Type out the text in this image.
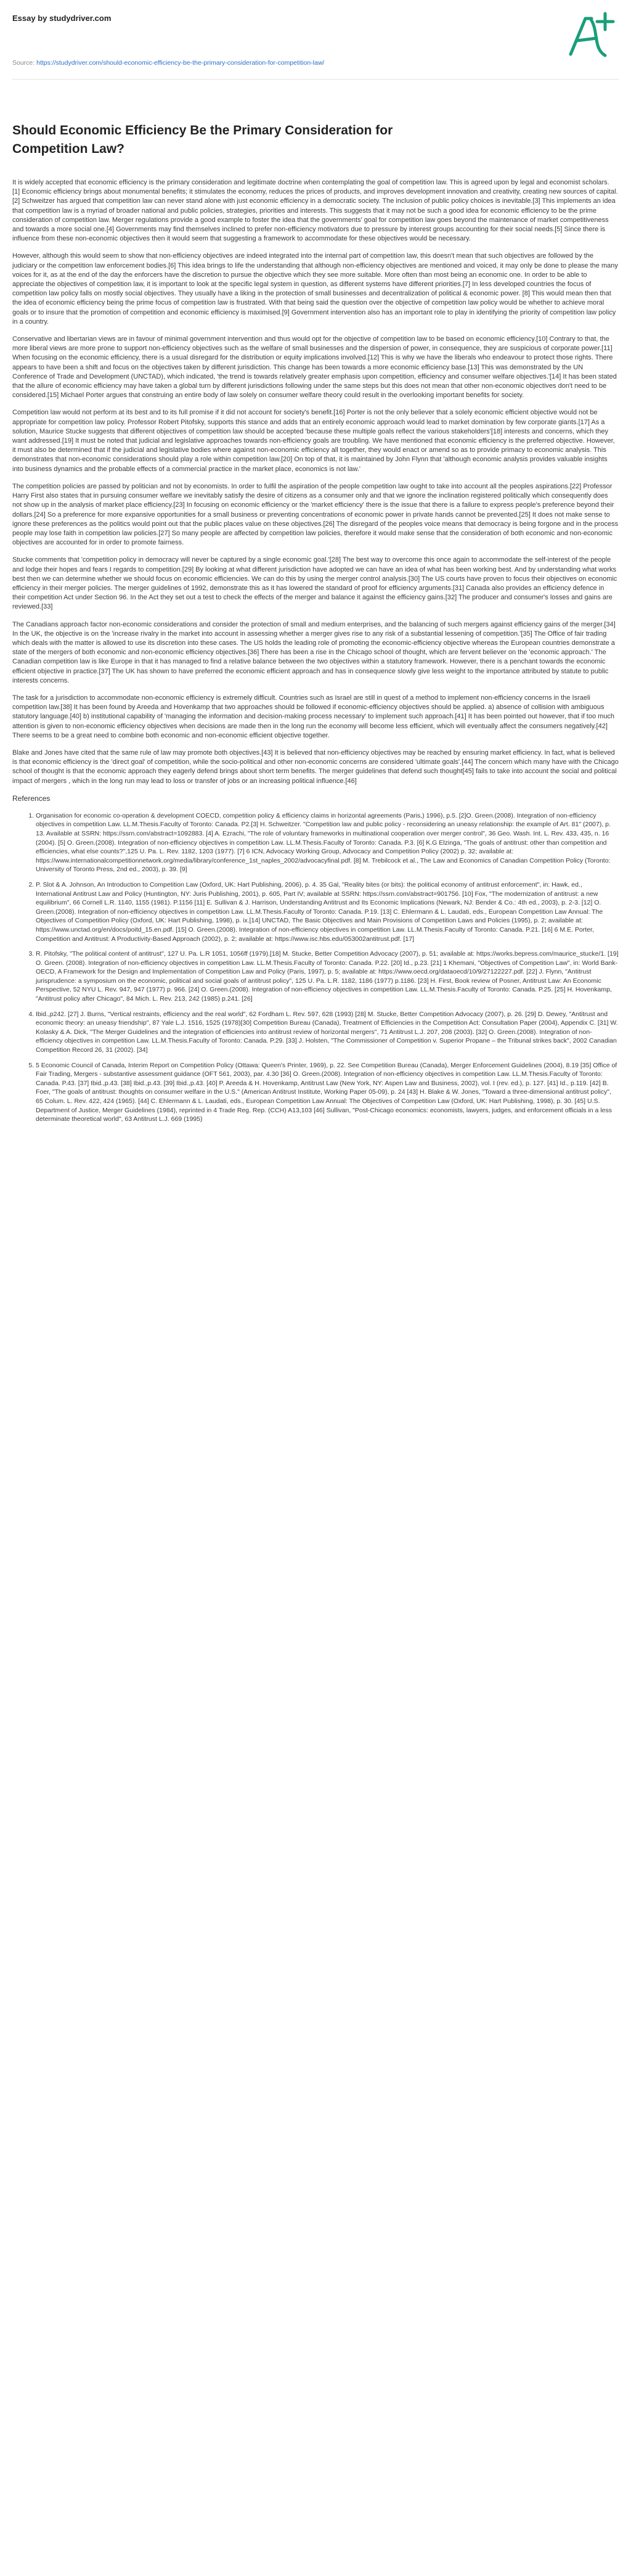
Essay by studydriver.com
Source: https://studydriver.com/should-economic-efficiency-be-the-primary-consideration-for-competition-law/
Should Economic Efficiency Be the Primary Consideration for Competition Law?

It is widely accepted that economic efficiency is the primary consideration and legitimate doctrine when contemplating the goal of competition law. This is agreed upon by legal and economist scholars. [1] Economic efficiency brings about monumental benefits; it stimulates the economy, reduces the prices of products, and improves development innovation and creativity, creating new sources of capital.[2] Schweitzer has argued that competition law can never stand alone with just economic efficiency in a democratic society. The inclusion of public policy choices is inevitable.[3] This implements an idea that competition law is a myriad of broader national and public policies, strategies, priorities and interests. This suggests that it may not be such a good idea for economic efficiency to be the prime consideration of competition law. Merger regulations provide a good example to foster the idea that the governments' goal for competition law goes beyond the maintenance of market competitiveness and towards a more social one.[4] Governments may find themselves inclined to prefer non-efficiency motivators due to pressure by interest groups accounting for their social needs.[5] Since there is influence from these non-economic objectives then it would seem that suggesting a framework to accommodate for these objectives would be necessary.

However, although this would seem to show that non-efficiency objectives are indeed integrated into the internal part of competition law, this doesn't mean that such objectives are followed by the judiciary or the competition law enforcement bodies.[6] This idea brings to life the understanding that although non-efficiency objectives are mentioned and voiced, it may only be done to please the many voices for it, as at the end of the day the enforcers have the discretion to pursue the objective which they see more suitable. More often than most being an economic one. In order to be able to appreciate the objectives of competition law, it is important to look at the specific legal system in question, as different systems have different priorities.[7] In less developed countries the focus of competition law policy falls on mostly social objectives. They usually have a liking in the protection of small businesses and decentralization of political & economic power. [8] This would mean then that the idea of economic efficiency being the prime focus of competition law is frustrated. With that being said the question over the objective of competition law policy would be whether to achieve moral goals or to insure that the promotion of competition and economic efficiency is maximised.[9] Government intervention also has an important role to play in identifying the priority of competition law policy in a country.

Conservative and libertarian views are in favour of minimal government intervention and thus would opt for the objective of competition law to be based on economic efficiency.[10] Contrary to that, the more liberal views are more prone to support non-efficiency objectives such as the welfare of small businesses and the dispersion of power, in consequence, they are suspicious of corporate power.[11] When focusing on the economic efficiency, there is a usual disregard for the distribution or equity implications involved.[12] This is why we have the liberals who endeavour to protect those rights. There appears to have been a shift and focus on the objectives taken by different jurisdiction. This change has been towards a more economic efficiency base.[13] This was demonstrated by the UN Conference of Trade and Development (UNCTAD), which indicated, 'the trend is towards relatively greater emphasis upon competition, efficiency and consumer welfare objectives.'[14] It has been stated that the allure of economic efficiency may have taken a global turn by different jurisdictions following under the same steps but this does not mean that other non-economic objectives don't need to be considered.[15] Michael Porter argues that construing an entire body of law solely on consumer welfare theory could result in the overlooking important benefits for society.

Competition law would not perform at its best and to its full promise if it did not account for society's benefit.[16] Porter is not the only believer that a solely economic efficient objective would not be appropriate for competition law policy. Professor Robert Pitofsky, supports this stance and adds that an entirely economic approach would lead to market domination by few corporate giants.[17] As a solution, Maurice Stucke suggests that different objectives of competition law should be accepted 'because these multiple goals reflect the various stakeholders'[18] interests and concerns, which they want addressed.[19] It must be noted that judicial and legislative approaches towards non-efficiency goals are troubling. We have mentioned that economic efficiency is the preferred objective. However, it must also be determined that if the judicial and legislative bodies where against non-economic efficiency all together, they would enact or amend so as to provide primacy to economic analysis. This demonstrates that non-economic considerations should play a role within competition law.[20] On top of that, it is maintained by John Flynn that 'although economic analysis provides valuable insights into business dynamics and the probable effects of a commercial practice in the market place, economics is not law.'

The competition policies are passed by politician and not by economists. In order to fulfil the aspiration of the people competition law ought to take into account all the peoples aspirations.[22] Professor Harry First also states that in pursuing consumer welfare we inevitably satisfy the desire of citizens as a consumer only and that we ignore the inclination registered politically which consequently does not show up in the analysis of market place efficiency.[23] In focusing on economic efficiency or the 'market efficiency' there is the issue that there is a failure to express people's preference beyond their dollars.[24] So a preference for more expansive opportunities for a small business or preventing concentrations of economic power in private hands cannot be prevented.[25] It does not make sense to ignore these preferences as the politics would point out that the public places value on these objectives.[26] The disregard of the peoples voice means that democracy is being forgone and in the process people may lose faith in competition law policies.[27] So many people are affected by competition law policies, therefore it would make sense that the consideration of both economic and non-economic objectives are accounted for in order to promote fairness.

Stucke comments that 'competition policy in democracy will never be captured by a single economic goal.'[28] The best way to overcome this once again to accommodate the self-interest of the people and lodge their hopes and fears I regards to competition.[29] By looking at what different jurisdiction have adopted we can have an idea of what has been working best. And by understanding what works best then we can determine whether we should focus on economic efficiencies. We can do this by using the merger control analysis.[30] The US courts have proven to focus their objectives on economic efficiency in their merger policies. The merger guidelines of 1992, demonstrate this as it has lowered the standard of proof for efficiency arguments.[31] Canada also provides an efficiency defence in their competition Act under Section 96. In the Act they set out a test to check the effects of the merger and balance it against the efficiency gains.[32] The producer and consumer's losses and gains are reviewed.[33]

The Canadians approach factor non-economic considerations and consider the protection of small and medium enterprises, and the balancing of such mergers against efficiency gains of the merger.[34] In the UK, the objective is on the 'increase rivalry in the market into account in assessing whether a merger gives rise to any risk of a substantial lessening of competition.'[35] The Office of fair trading which deals with the matter is allowed to use its discretion into these cases. The US holds the leading role of promoting the economic-efficiency objective whereas the European countries demonstrate a state of the mergers of both economic and non-economic efficiency objectives.[36] There has been a rise in the Chicago school of thought, which are fervent believer on the 'economic approach.' The Canadian competition law is like Europe in that it has managed to find a relative balance between the two objectives within a statutory framework. However, there is a penchant towards the economic efficient objective in practice.[37] The UK has shown to have preferred the economic efficient approach and has in consequence slowly give less weight to the importance attributed by statute to public interests concerns.

The task for a jurisdiction to accommodate non-economic efficiency is extremely difficult. Countries such as Israel are still in quest of a method to implement non-efficiency concerns in the Israeli competition law.[38] It has been found by Areeda and Hovenkamp that two approaches should be followed if economic-efficiency objectives should be applied. a) absence of collision with ambiguous statutory language.[40] b) institutional capability of 'managing the information and decision-making process necessary' to implement such approach.[41] It has been pointed out however, that if too much attention is given to non-economic efficiency objectives when decisions are made then in the long run the economy will become less efficient, which will eventually affect the consumers negatively.[42] There seems to be a great need to combine both economic and non-economic efficient objective together.

Blake and Jones have cited that the same rule of law may promote both objectives.[43] It is believed that non-efficiency objectives may be reached by ensuring market efficiency. In fact, what is believed is that economic efficiency is the 'direct goal' of competition, while the socio-political and other non-economic concerns are considered 'ultimate goals'.[44] The concern which many have with the Chicago school of thought is that the economic approach they eagerly defend brings about short term benefits. The merger guidelines that defend such thought[45] fails to take into account the social and political impact of mergers , which in the long run may lead to loss or transfer of jobs or an increasing political influence.[46]

References
1. Organisation for economic co-operation & development COECD, competition policy & efficiency claims in horizontal agreements (Paris,) 1996), p.5. [2]O. Green.(2008). Integration of non-efficiency objectives in competition Law. LL.M.Thesis.Faculty of Toronto: Canada. P2.[3] H. Schweitzer. "Competition law and public policy - reconsidering an uneasy relationship: the example of Art. 81" (2007), p. 13. Available at SSRN: https://ssrn.com/abstract=1092883. [4] A. Ezrachi, "The role of voluntary frameworks in multinational cooperation over merger control", 36 Geo. Wash. Int. L. Rev. 433, 435, n. 16 (2004). [5] O. Green.(2008). Integration of non-efficiency objectives in competition Law. LL.M.Thesis.Faculty of Toronto: Canada. P.3. [6] K.G Elzinga, "The goals of antitrust: other than competition and efficiencies, what else counts?",125 U. Pa. L. Rev. 1182, 1203 (1977). [7] 6 ICN, Advocacy Working Group, Advocacy and Competition Policy (2002) p. 32; available at: https://www.internationalcompetitionnetwork.org/media/library/conference_1st_naples_2002/advocacyfinal.pdf. [8] M. Trebilcock et al., The Law and Economics of Canadian Competition Policy (Toronto: University of Toronto Press, 2nd ed., 2003), p. 39. [9]
2. P. Slot & A. Johnson, An Introduction to Competition Law (Oxford, UK: Hart Publishing, 2006), p. 4. 35 Gal, "Reality bites (or bits): the political economy of antitrust enforcement", in: Hawk, ed., International Antitrust Law and Policy (Huntington, NY: Juris Publishing, 2001), p. 605, Part IV; available at SSRN: https://ssrn.com/abstract=901756. [10] Fox, "The modernization of antitrust: a new equilibrium", 66 Cornell L.R. 1140, 1155 (1981). P.1156 [11] E. Sullivan & J. Harrison, Understanding Antitrust and Its Economic Implications (Newark, NJ: Bender & Co.: 4th ed., 2003), p. 2-3. [12] O. Green.(2008). Integration of non-efficiency objectives in competition Law. LL.M.Thesis.Faculty of Toronto: Canada. P.19. [13] C. Ehlermann & L. Laudati, eds., European Competition Law Annual: The Objectives of Competition Policy (Oxford, UK: Hart Publishing, 1998), p. ix.[14] UNCTAD, The Basic Objectives and Main Provisions of Competition Laws and Policies (1995), p. 2; available at: https://www.unctad.org/en/docs/poitd_15.en.pdf. [15] O. Green.(2008). Integration of non-efficiency objectives in competition Law. LL.M.Thesis.Faculty of Toronto: Canada. P.21. [16] 6 M.E. Porter, Competition and Antitrust: A Productivity-Based Approach (2002), p. 2; available at: https://www.isc.hbs.edu/053002antitrust.pdf. [17]
3. R. Pitofsky, "The political content of antitrust", 127 U. Pa. L.R 1051, 1056ff (1979).[18] M. Stucke, Better Competition Advocacy (2007), p. 51; available at: https://works.bepress.com/maurice_stucke/1. [19] O. Green. (2008). Integration of non-efficiency objectives in competition Law. LL.M.Thesis.Faculty of Toronto: Canada. P.22. [20] Id., p.23. [21] 1 Khemani, "Objectives of Competition Law", in: World Bank-OECD, A Framework for the Design and Implementation of Competition Law and Policy (Paris, 1997), p. 5; available at: https://www.oecd.org/dataoecd/10/9/27122227.pdf. [22] J. Flynn, "Antitrust jurisprudence: a symposium on the economic, political and social goals of antitrust policy", 125 U. Pa. L.R. 1182, 1186 (1977) p.1186. [23] H. First, Book review of Posner, Antitrust Law: An Economic Perspective, 52 NYU L. Rev. 947, 947 (1977) p. 966. [24] O. Green.(2008). Integration of non-efficiency objectives in competition Law. LL.M.Thesis.Faculty of Toronto: Canada. P.25. [25] H. Hovenkamp, "Antitrust policy after Chicago", 84 Mich. L. Rev. 213, 242 (1985) p.241. [26]
4. Ibid.,p242. [27] J. Burns, "Vertical restraints, efficiency and the real world", 62 Fordham L. Rev. 597, 628 (1993) [28] M. Stucke, Better Competition Advocacy (2007), p. 26. [29] D. Dewey, "Antitrust and economic theory: an uneasy friendship", 87 Yale L.J. 1516, 1525 (1978)[30] Competition Bureau (Canada), Treatment of Efficiencies in the Competition Act: Consultation Paper (2004), Appendix C. [31] W. Kolasky & A. Dick, "The Merger Guidelines and the integration of efficiencies into antitrust review of horizontal mergers", 71 Antitrust L.J. 207, 208 (2003). [32] O. Green.(2008). Integration of non-efficiency objectives in competition Law. LL.M.Thesis.Faculty of Toronto: Canada. P.29. [33] J. Holsten, "The Commissioner of Competition v. Superior Propane – the Tribunal strikes back", 2002 Canadian Competition Record 26, 31 (2002). [34]
5. 5 Economic Council of Canada, Interim Report on Competition Policy (Ottawa: Queen's Printer, 1969), p. 22. See Competition Bureau (Canada), Merger Enforcement Guidelines (2004), 8.19 [35] Office of Fair Trading, Mergers - substantive assessment guidance (OFT 561, 2003), par. 4.30 [36] O. Green.(2008). Integration of non-efficiency objectives in competition Law. LL.M.Thesis.Faculty of Toronto: Canada. P.43. [37] Ibid.,p.43. [38] Ibid.,p.43. [39] Ibid.,p.43. [40] P. Areeda & H. Hovenkamp, Antitrust Law (New York, NY: Aspen Law and Business, 2002), vol. I (rev. ed.), p. 127. [41] Id., p.119. [42] B. Foer, "The goals of antitrust: thoughts on consumer welfare in the U.S." (American Antitrust Institute, Working Paper 05-09), p. 24 [43] H. Blake & W. Jones, "Toward a three-dimensional antitrust policy", 65 Colum. L. Rev. 422, 424 (1965). [44] C. Ehlermann & L. Laudati, eds., European Competition Law Annual: The Objectives of Competition Law (Oxford, UK: Hart Publishing, 1998), p. 30. [45] U.S. Department of Justice, Merger Guidelines (1984), reprinted in 4 Trade Reg. Rep. (CCH) A13,103 [46] Sullivan, "Post-Chicago economics: economists, lawyers, judges, and enforcement officials in a less determinate theoretical world", 63 Antitrust L.J. 669 (1995)
